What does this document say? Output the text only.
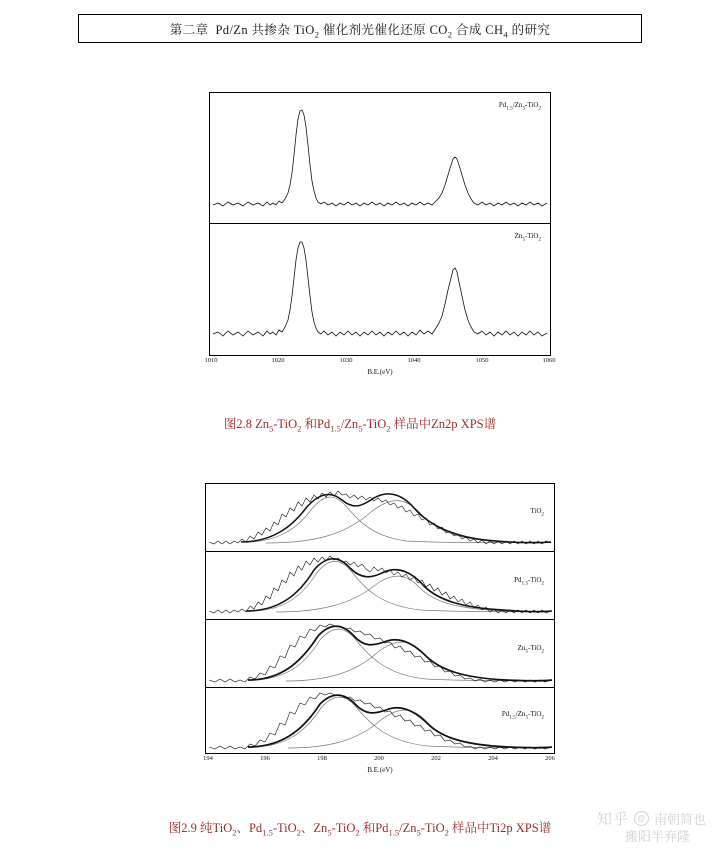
第二章  Pd/Zn 共掺杂 TiO$_2$ 催化剂光催化还原 $CO_2$ 合成 $CH_4$ 的研究
$Pd_{1.5}/Zn_5-TiO_2$
$Zn_5-TiO_2$
1010	1020	1030	1040	1050	1060
B.E.(eV)
图2.8 $Zn_5-TiO_2$ 和$Pd_{1.5}/Zn_5-TiO_2$ 样品中Zn2p XPS谱
TiO$_2$
$Pd_{1.5}-TiO_2$
$Zn_5-TiO_2$
$Pd_{1.5}/Zn_5-TiO_2$
194	196	198	200	202	204	206
B.E.(eV)
图2.9 纯TiO$_2$、$Pd_{1.5}-TiO_2$、$Zn_5-TiO_2$ 和$Pd_{1.5}/Zn_5-TiO_2$ 样品中Ti2p XPS谱	知乎	@ 南朝简也
搬阳半弃隆
